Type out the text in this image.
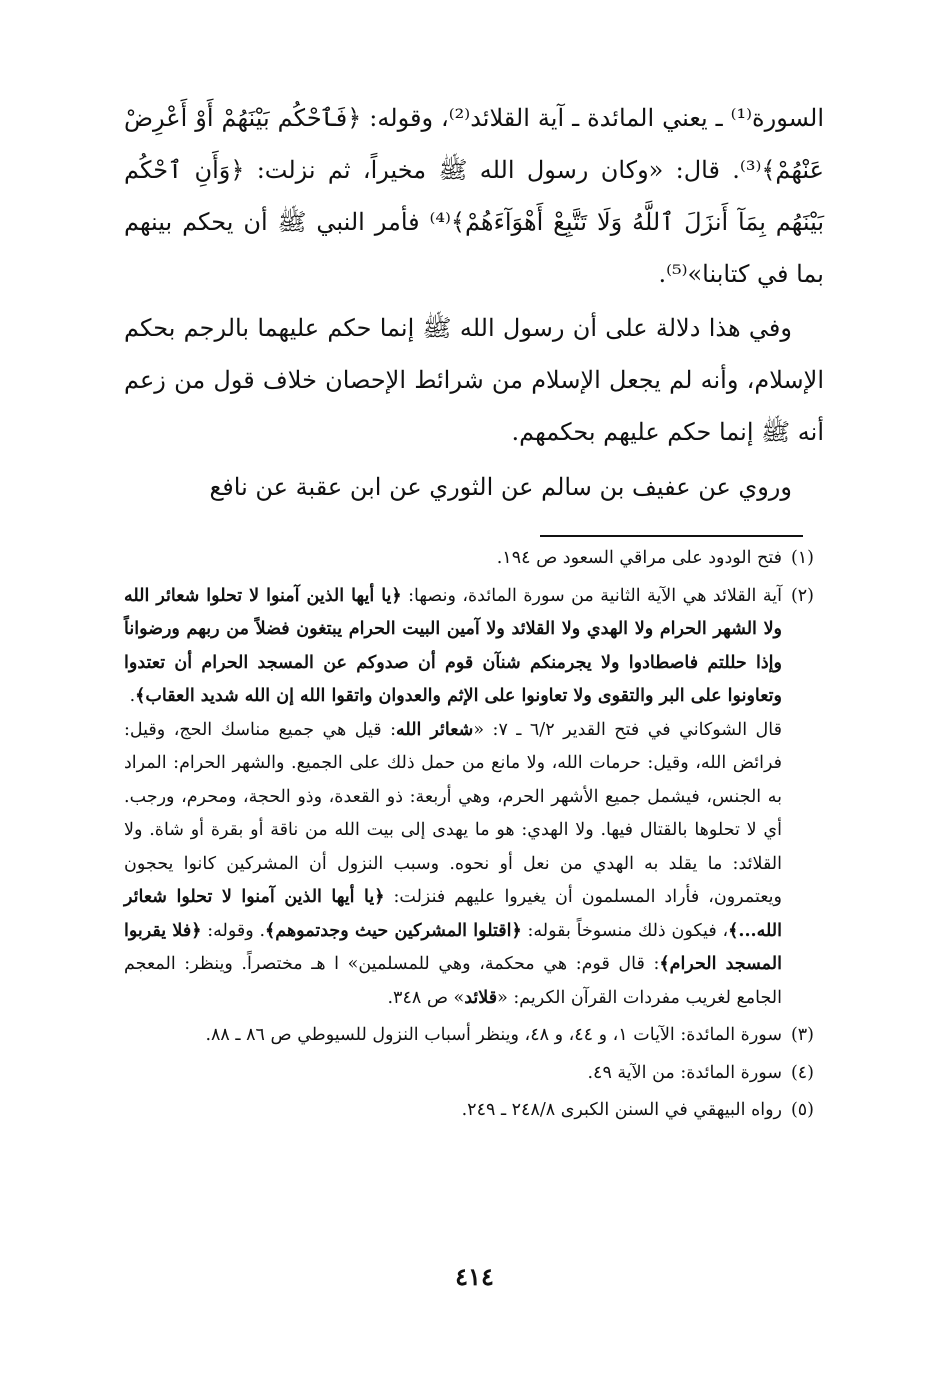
السورة⁽¹⁾ ـ يعني المائدة ـ آية القلائد⁽²⁾، وقوله: ﴿فَٱحْكُم بَيْنَهُمْ أَوْ أَعْرِضْ عَنْهُمْ﴾⁽³⁾. قال: «وكان رسول الله ﷺ مخيراً، ثم نزلت: ﴿وَأَنِ ٱحْكُم بَيْنَهُم بِمَآ أَنزَلَ ٱللَّهُ وَلَا تَتَّبِعْ أَهْوَآءَهُمْ﴾⁽⁴⁾ فأمر النبي ﷺ أن يحكم بينهم بما في كتابنا»⁽⁵⁾.

وفي هذا دلالة على أن رسول الله ﷺ إنما حكم عليهما بالرجم بحكم الإسلام، وأنه لم يجعل الإسلام من شرائط الإحصان خلاف قول من زعم أنه ﷺ إنما حكم عليهم بحكمهم.

وروي عن عفيف بن سالم عن الثوري عن ابن عقبة عن نافع

(١)

فتح الودود على مراقي السعود ص ١٩٤.

(٢)

آية القلائد هي الآية الثانية من سورة المائدة، ونصها: ﴿يا أيها الذين آمنوا لا تحلوا شعائر الله ولا الشهر الحرام ولا الهدي ولا القلائد ولا آمين البيت الحرام يبتغون فضلاً من ربهم ورضواناً وإذا حللتم فاصطادوا ولا يجرمنكم شنآن قوم أن صدوكم عن المسجد الحرام أن تعتدوا وتعاونوا على البر والتقوى ولا تعاونوا على الإثم والعدوان واتقوا الله إن الله شديد العقاب﴾.

قال الشوكاني في فتح القدير ٦/٢ ـ ٧: «شعائر الله: قيل هي جميع مناسك الحج، وقيل: فرائض الله، وقيل: حرمات الله، ولا مانع من حمل ذلك على الجميع. والشهر الحرام: المراد به الجنس، فيشمل جميع الأشهر الحرم، وهي أربعة: ذو القعدة، وذو الحجة، ومحرم، ورجب. أي لا تحلوها بالقتال فيها. ولا الهدي: هو ما يهدى إلى بيت الله من ناقة أو بقرة أو شاة. ولا القلائد: ما يقلد به الهدي من نعل أو نحوه. وسبب النزول أن المشركين كانوا يحجون ويعتمرون، فأراد المسلمون أن يغيروا عليهم فنزلت: ﴿يا أيها الذين آمنوا لا تحلوا شعائر الله...﴾، فيكون ذلك منسوخاً بقوله: ﴿اقتلوا المشركين حيث وجدتموهم﴾. وقوله: ﴿فلا يقربوا المسجد الحرام﴾: قال قوم: هي محكمة، وهي للمسلمين» ا هـ مختصراً. وينظر: المعجم الجامع لغريب مفردات القرآن الكريم: «قلائد» ص ٣٤٨.

(٣)

سورة المائدة: الآيات ١، و ٤٤، و ٤٨، وينظر أسباب النزول للسيوطي ص ٨٦ ـ ٨٨.

(٤)

سورة المائدة: من الآية ٤٩.

(٥)

رواه البيهقي في السنن الكبرى ٢٤٨/٨ ـ ٢٤٩.

٤١٤
